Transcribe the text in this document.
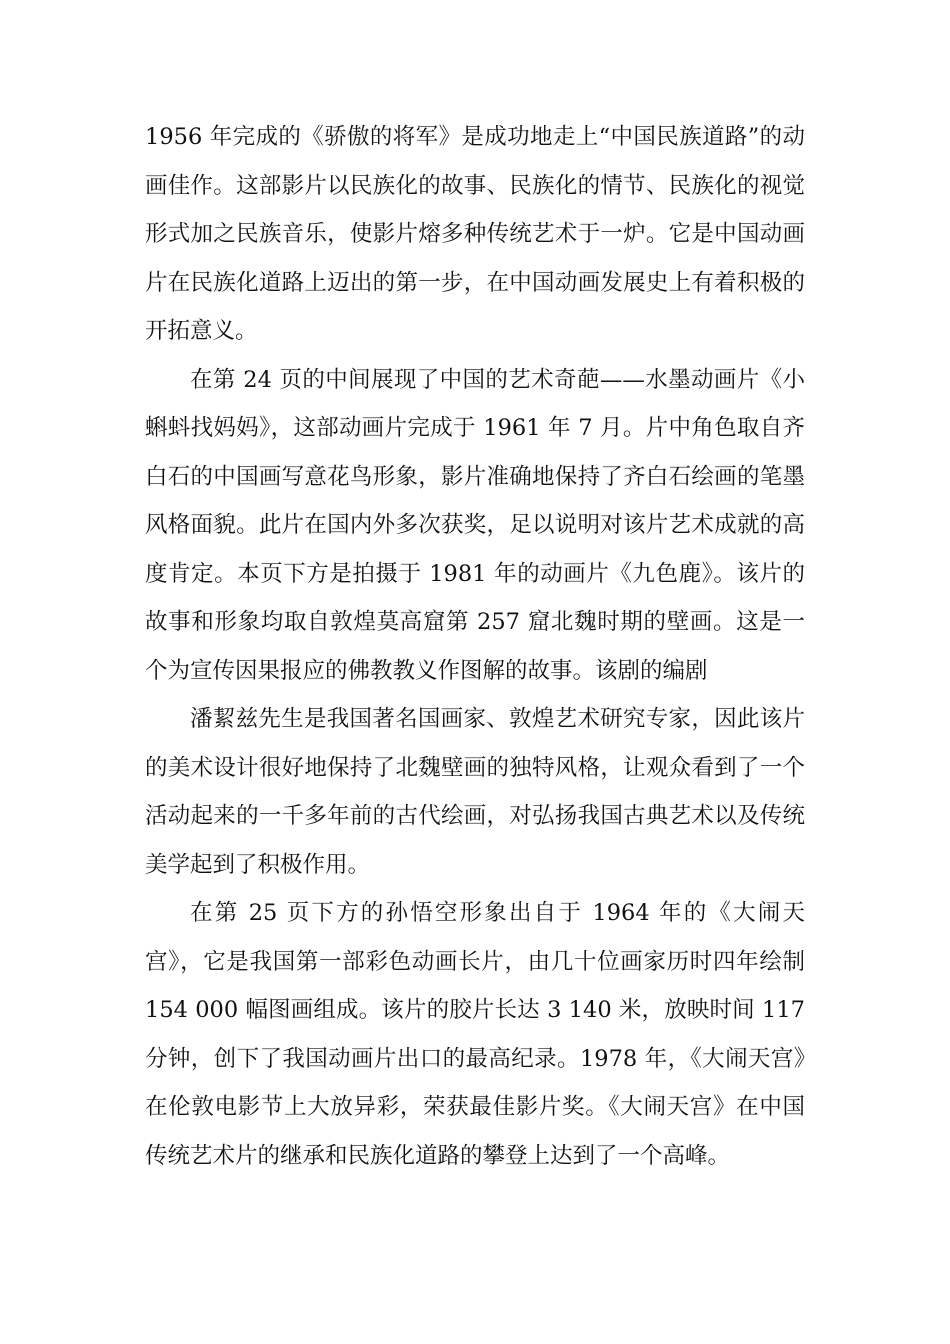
1956 年完成的《骄傲的将军》是成功地走上“中国民族道路”的动画佳作。这部影片以民族化的故事、民族化的情节、民族化的视觉形式加之民族音乐，使影片熔多种传统艺术于一炉。它是中国动画片在民族化道路上迈出的第一步，在中国动画发展史上有着积极的开拓意义。

在第 24 页的中间展现了中国的艺术奇葩——水墨动画片《小蝌蚪找妈妈》，这部动画片完成于 1961 年 7 月。片中角色取自齐白石的中国画写意花鸟形象，影片准确地保持了齐白石绘画的笔墨风格面貌。此片在国内外多次获奖，足以说明对该片艺术成就的高度肯定。本页下方是拍摄于 1981 年的动画片《九色鹿》。该片的故事和形象均取自敦煌莫高窟第 257 窟北魏时期的壁画。这是一个为宣传因果报应的佛教教义作图解的故事。该剧的编剧

潘絜兹先生是我国著名国画家、敦煌艺术研究专家，因此该片的美术设计很好地保持了北魏壁画的独特风格，让观众看到了一个活动起来的一千多年前的古代绘画，对弘扬我国古典艺术以及传统美学起到了积极作用。

在第 25 页下方的孙悟空形象出自于 1964 年的《大闹天宫》，它是我国第一部彩色动画长片，由几十位画家历时四年绘制 154 000 幅图画组成。该片的胶片长达 3 140 米，放映时间 117 分钟，创下了我国动画片出口的最高纪录。1978 年，《大闹天宫》在伦敦电影节上大放异彩，荣获最佳影片奖。《大闹天宫》在中国传统艺术片的继承和民族化道路的攀登上达到了一个高峰。
